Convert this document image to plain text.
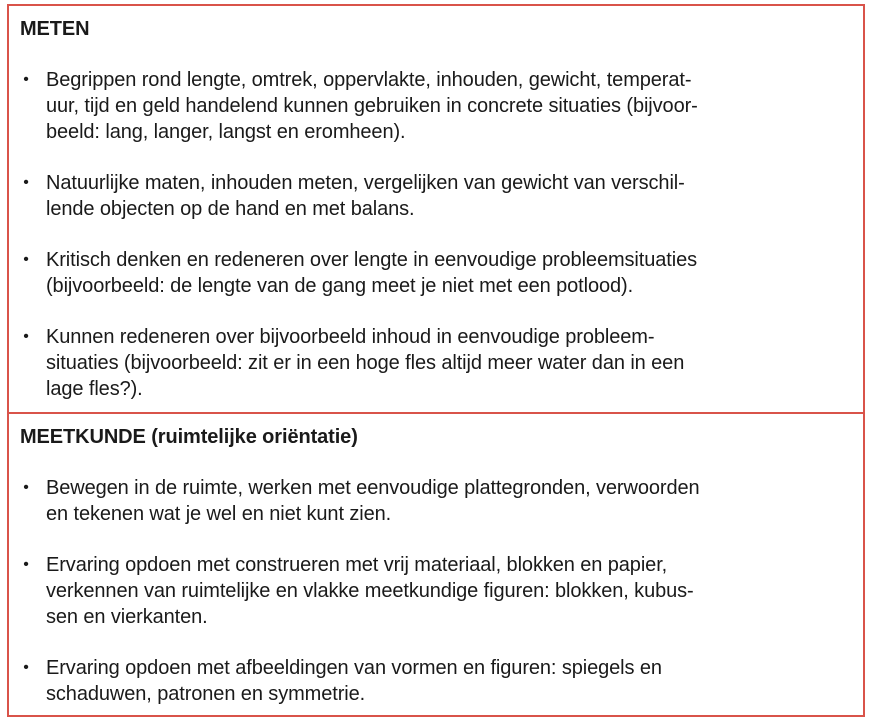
METEN
• Begrippen rond lengte, omtrek, oppervlakte, inhouden, gewicht, temperat-
uur, tijd en geld handelend kunnen gebruiken in concrete situaties (bijvoor-
beeld: lang, langer, langst en eromheen).
• Natuurlijke maten, inhouden meten, vergelijken van gewicht van verschil-
lende objecten op de hand en met balans.
• Kritisch denken en redeneren over lengte in eenvoudige probleemsituaties
(bijvoorbeeld: de lengte van de gang meet je niet met een potlood).
• Kunnen redeneren over bijvoorbeeld inhoud in eenvoudige probleem-
situaties (bijvoorbeeld: zit er in een hoge fles altijd meer water dan in een
lage fles?).
MEETKUNDE (ruimtelijke oriëntatie)
• Bewegen in de ruimte, werken met eenvoudige plattegronden, verwoorden
en tekenen wat je wel en niet kunt zien.
• Ervaring opdoen met construeren met vrij materiaal, blokken en papier,
verkennen van ruimtelijke en vlakke meetkundige figuren: blokken, kubus-
sen en vierkanten.
• Ervaring opdoen met afbeeldingen van vormen en figuren: spiegels en
schaduwen, patronen en symmetrie.
